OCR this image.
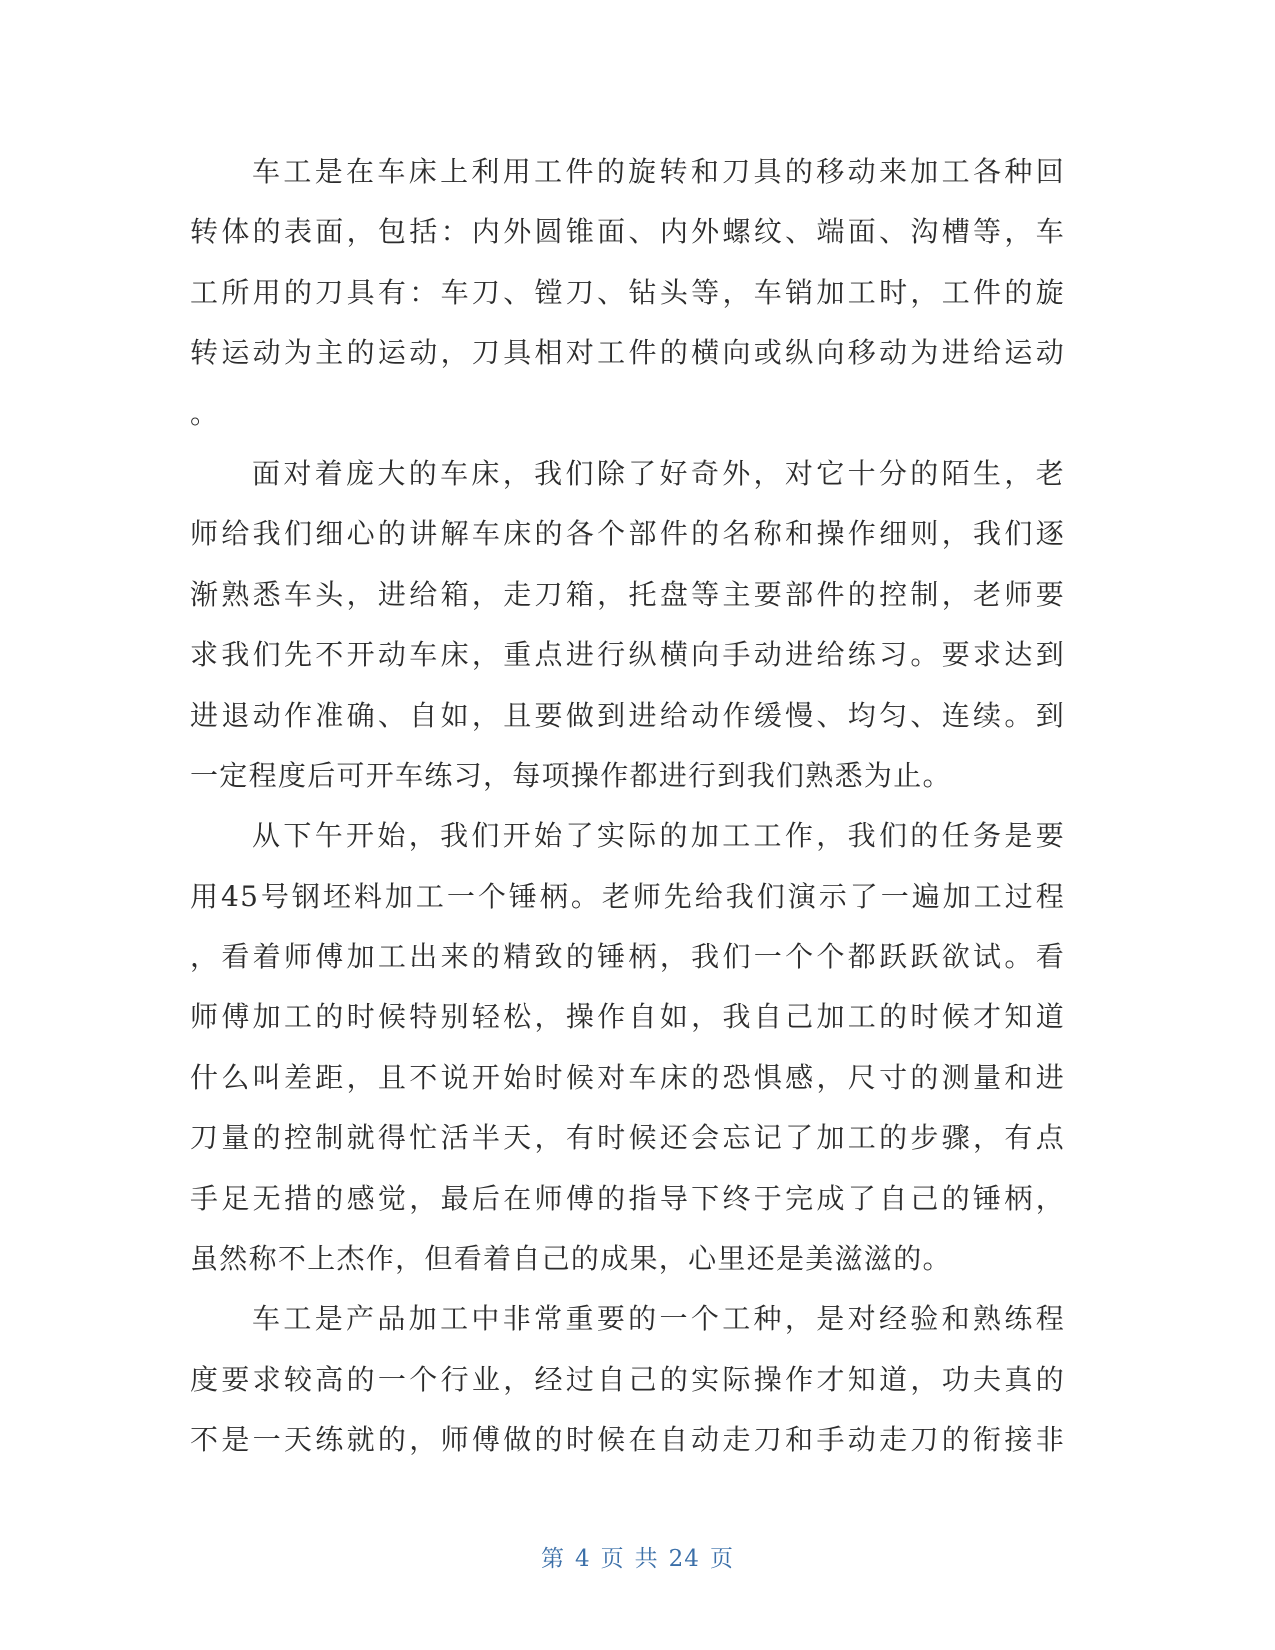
车工是在车床上利用工件的旋转和刀具的移动来加工各种回
转体的表面，包括：内外圆锥面、内外螺纹、端面、沟槽等，车
工所用的刀具有：车刀、镗刀、钻头等，车销加工时，工件的旋
转运动为主的运动，刀具相对工件的横向或纵向移动为进给运动
。
面对着庞大的车床，我们除了好奇外，对它十分的陌生，老
师给我们细心的讲解车床的各个部件的名称和操作细则，我们逐
渐熟悉车头，进给箱，走刀箱，托盘等主要部件的控制，老师要
求我们先不开动车床，重点进行纵横向手动进给练习。要求达到
进退动作准确、自如，且要做到进给动作缓慢、均匀、连续。到
一定程度后可开车练习，每项操作都进行到我们熟悉为止。
从下午开始，我们开始了实际的加工工作，我们的任务是要
用45号钢坯料加工一个锤柄。老师先给我们演示了一遍加工过程
，看着师傅加工出来的精致的锤柄，我们一个个都跃跃欲试。看
师傅加工的时候特别轻松，操作自如，我自己加工的时候才知道
什么叫差距，且不说开始时候对车床的恐惧感，尺寸的测量和进
刀量的控制就得忙活半天，有时候还会忘记了加工的步骤，有点
手足无措的感觉，最后在师傅的指导下终于完成了自己的锤柄，
虽然称不上杰作，但看着自己的成果，心里还是美滋滋的。
车工是产品加工中非常重要的一个工种，是对经验和熟练程
度要求较高的一个行业，经过自己的实际操作才知道，功夫真的
不是一天练就的，师傅做的时候在自动走刀和手动走刀的衔接非
第 4 页 共 24 页
